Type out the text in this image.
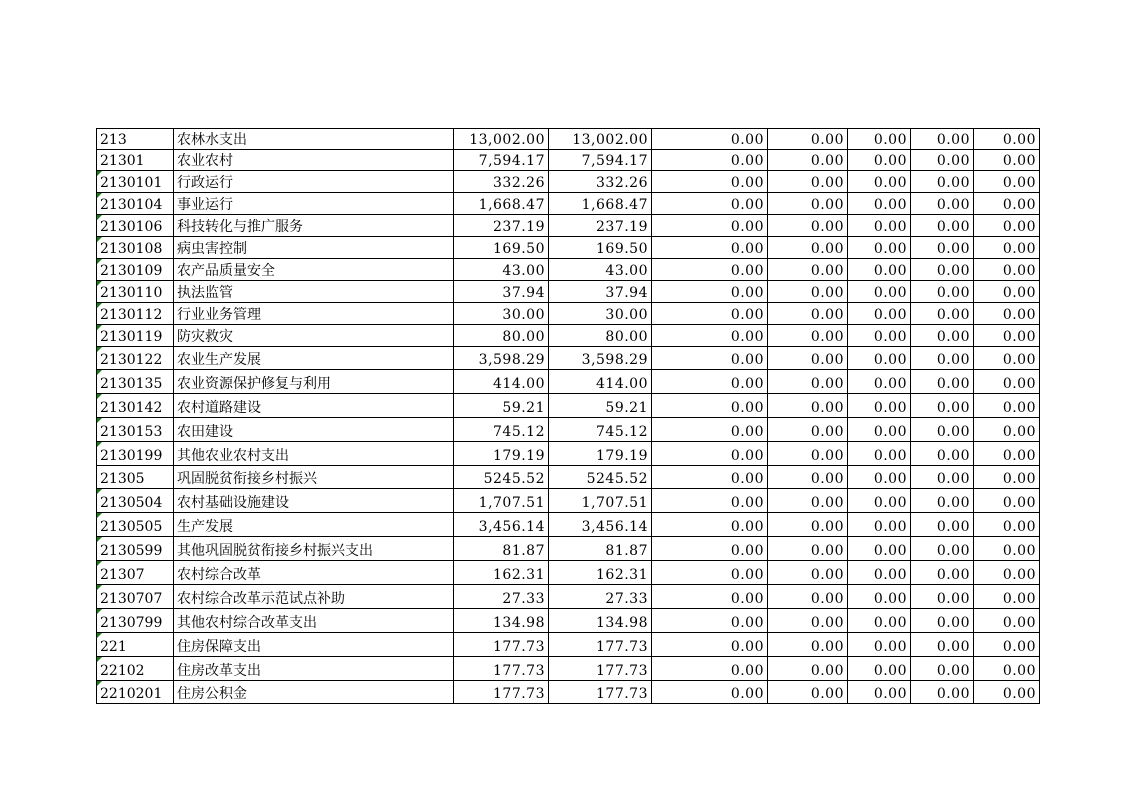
213	农林水支出	13,002.00	13,002.00	0.00	0.00	0.00	0.00	0.00
21301	农业农村	7,594.17	7,594.17	0.00	0.00	0.00	0.00	0.00
2130101	行政运行	332.26	332.26	0.00	0.00	0.00	0.00	0.00
2130104	事业运行	1,668.47	1,668.47	0.00	0.00	0.00	0.00	0.00
2130106	科技转化与推广服务	237.19	237.19	0.00	0.00	0.00	0.00	0.00
2130108	病虫害控制	169.50	169.50	0.00	0.00	0.00	0.00	0.00
2130109	农产品质量安全	43.00	43.00	0.00	0.00	0.00	0.00	0.00
2130110	执法监管	37.94	37.94	0.00	0.00	0.00	0.00	0.00
2130112	行业业务管理	30.00	30.00	0.00	0.00	0.00	0.00	0.00
2130119	防灾救灾	80.00	80.00	0.00	0.00	0.00	0.00	0.00
2130122	农业生产发展	3,598.29	3,598.29	0.00	0.00	0.00	0.00	0.00
2130135	农业资源保护修复与利用	414.00	414.00	0.00	0.00	0.00	0.00	0.00
2130142	农村道路建设	59.21	59.21	0.00	0.00	0.00	0.00	0.00
2130153	农田建设	745.12	745.12	0.00	0.00	0.00	0.00	0.00
2130199	其他农业农村支出	179.19	179.19	0.00	0.00	0.00	0.00	0.00
21305	巩固脱贫衔接乡村振兴	5245.52	5245.52	0.00	0.00	0.00	0.00	0.00
2130504	农村基础设施建设	1,707.51	1,707.51	0.00	0.00	0.00	0.00	0.00
2130505	生产发展	3,456.14	3,456.14	0.00	0.00	0.00	0.00	0.00
2130599	其他巩固脱贫衔接乡村振兴支出	81.87	81.87	0.00	0.00	0.00	0.00	0.00
21307	农村综合改革	162.31	162.31	0.00	0.00	0.00	0.00	0.00
2130707	农村综合改革示范试点补助	27.33	27.33	0.00	0.00	0.00	0.00	0.00
2130799	其他农村综合改革支出	134.98	134.98	0.00	0.00	0.00	0.00	0.00
221	住房保障支出	177.73	177.73	0.00	0.00	0.00	0.00	0.00
22102	住房改革支出	177.73	177.73	0.00	0.00	0.00	0.00	0.00
2210201	住房公积金	177.73	177.73	0.00	0.00	0.00	0.00	0.00
